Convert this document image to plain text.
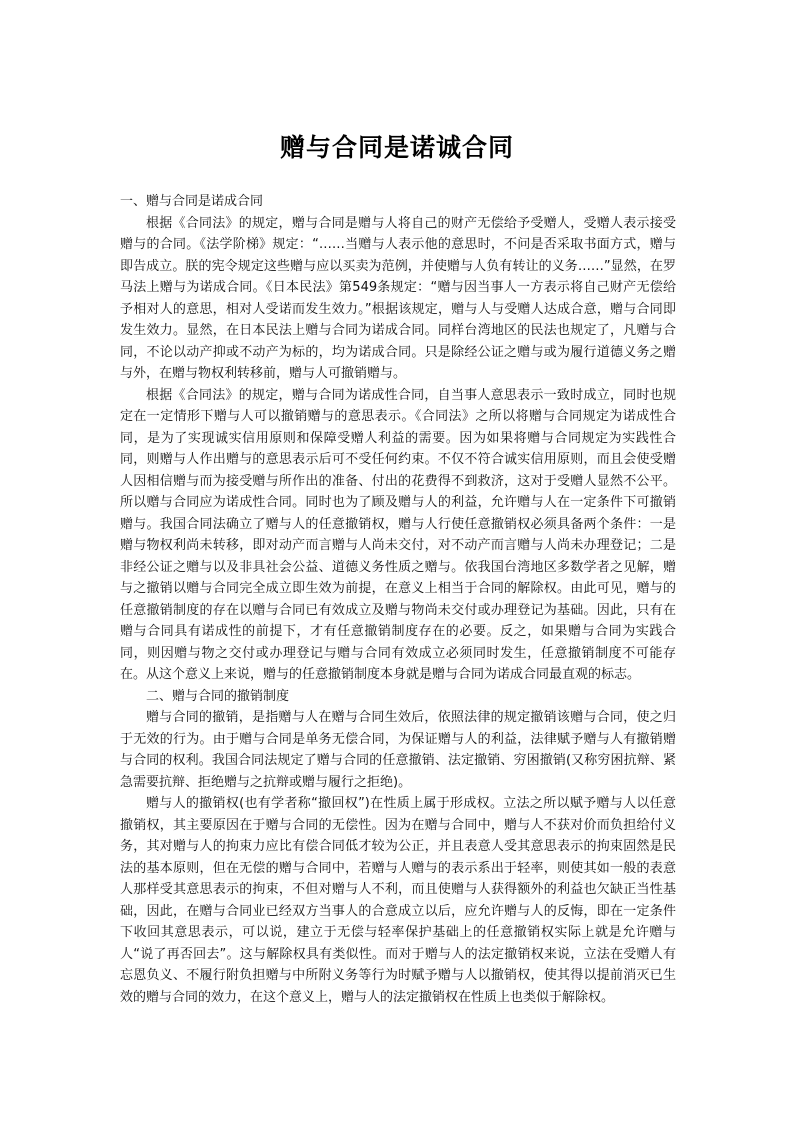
赠与合同是诺诚合同

一、赠与合同是诺成合同

根据《合同法》的规定，赠与合同是赠与人将自己的财产无偿给予受赠人，受赠人表示接受赠与的合同。《法学阶梯》规定：“……当赠与人表示他的意思时，不问是否采取书面方式，赠与即告成立。朕的宪令规定这些赠与应以买卖为范例，并使赠与人负有转让的义务……”显然，在罗马法上赠与为诺成合同。《日本民法》第549条规定：“赠与因当事人一方表示将自己财产无偿给予相对人的意思，相对人受诺而发生效力。”根据该规定，赠与人与受赠人达成合意，赠与合同即发生效力。显然，在日本民法上赠与合同为诺成合同。同样台湾地区的民法也规定了，凡赠与合同，不论以动产抑或不动产为标的，均为诺成合同。只是除经公证之赠与或为履行道德义务之赠与外，在赠与物权利转移前，赠与人可撤销赠与。

根据《合同法》的规定，赠与合同为诺成性合同，自当事人意思表示一致时成立，同时也规定在一定情形下赠与人可以撤销赠与的意思表示。《合同法》之所以将赠与合同规定为诺成性合同，是为了实现诚实信用原则和保障受赠人利益的需要。因为如果将赠与合同规定为实践性合同，则赠与人作出赠与的意思表示后可不受任何约束。不仅不符合诚实信用原则，而且会使受赠人因相信赠与而为接受赠与所作出的准备、付出的花费得不到救济，这对于受赠人显然不公平。所以赠与合同应为诺成性合同。同时也为了顾及赠与人的利益，允许赠与人在一定条件下可撤销赠与。我国合同法确立了赠与人的任意撤销权，赠与人行使任意撤销权必须具备两个条件：一是赠与物权利尚未转移，即对动产而言赠与人尚未交付，对不动产而言赠与人尚未办理登记；二是非经公证之赠与以及非具社会公益、道德义务性质之赠与。依我国台湾地区多数学者之见解，赠与之撤销以赠与合同完全成立即生效为前提，在意义上相当于合同的解除权。由此可见，赠与的任意撤销制度的存在以赠与合同已有效成立及赠与物尚未交付或办理登记为基础。因此，只有在赠与合同具有诺成性的前提下，才有任意撤销制度存在的必要。反之，如果赠与合同为实践合同，则因赠与物之交付或办理登记与赠与合同有效成立必须同时发生，任意撤销制度不可能存在。从这个意义上来说，赠与的任意撤销制度本身就是赠与合同为诺成合同最直观的标志。

二、赠与合同的撤销制度

赠与合同的撤销，是指赠与人在赠与合同生效后，依照法律的规定撤销该赠与合同，使之归于无效的行为。由于赠与合同是单务无偿合同，为保证赠与人的利益，法律赋予赠与人有撤销赠与合同的权利。我国合同法规定了赠与合同的任意撤销、法定撤销、穷困撤销(又称穷困抗辩、紧急需要抗辩、拒绝赠与之抗辩或赠与履行之拒绝)。

赠与人的撤销权(也有学者称“撤回权”)在性质上属于形成权。立法之所以赋予赠与人以任意撤销权，其主要原因在于赠与合同的无偿性。因为在赠与合同中，赠与人不获对价而负担给付义务，其对赠与人的拘束力应比有偿合同低才较为公正，并且表意人受其意思表示的拘束固然是民法的基本原则，但在无偿的赠与合同中，若赠与人赠与的表示系出于轻率，则使其如一般的表意人那样受其意思表示的拘束，不但对赠与人不利，而且使赠与人获得额外的利益也欠缺正当性基础，因此，在赠与合同业已经双方当事人的合意成立以后，应允许赠与人的反悔，即在一定条件下收回其意思表示，可以说，建立于无偿与轻率保护基础上的任意撤销权实际上就是允许赠与人“说了再否回去”。这与解除权具有类似性。而对于赠与人的法定撤销权来说，立法在受赠人有忘恩负义、不履行附负担赠与中所附义务等行为时赋予赠与人以撤销权，使其得以提前消灭已生效的赠与合同的效力，在这个意义上，赠与人的法定撤销权在性质上也类似于解除权。
